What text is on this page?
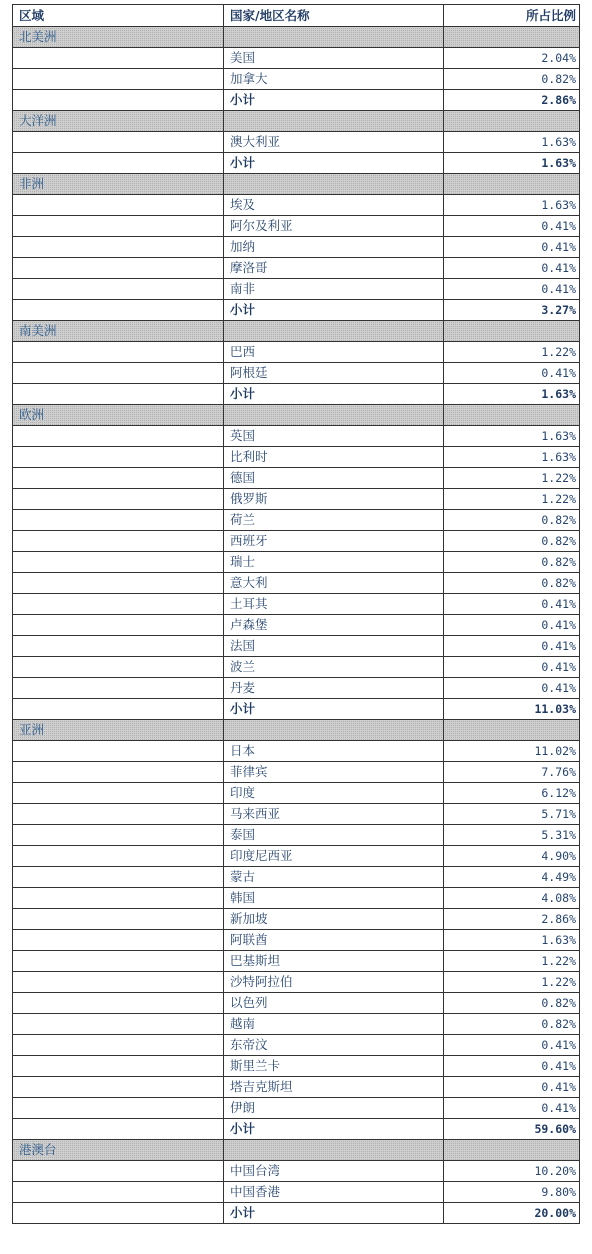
区域	国家/地区名称	所占比例
北美洲		
	美国	2.04%
	加拿大	0.82%
	小计	2.86%
大洋洲		
	澳大利亚	1.63%
	小计	1.63%
非洲		
	埃及	1.63%
	阿尔及利亚	0.41%
	加纳	0.41%
	摩洛哥	0.41%
	南非	0.41%
	小计	3.27%
南美洲		
	巴西	1.22%
	阿根廷	0.41%
	小计	1.63%
欧洲		
	英国	1.63%
	比利时	1.63%
	德国	1.22%
	俄罗斯	1.22%
	荷兰	0.82%
	西班牙	0.82%
	瑞士	0.82%
	意大利	0.82%
	土耳其	0.41%
	卢森堡	0.41%
	法国	0.41%
	波兰	0.41%
	丹麦	0.41%
	小计	11.03%
亚洲		
	日本	11.02%
	菲律宾	7.76%
	印度	6.12%
	马来西亚	5.71%
	泰国	5.31%
	印度尼西亚	4.90%
	蒙古	4.49%
	韩国	4.08%
	新加坡	2.86%
	阿联酋	1.63%
	巴基斯坦	1.22%
	沙特阿拉伯	1.22%
	以色列	0.82%
	越南	0.82%
	东帝汶	0.41%
	斯里兰卡	0.41%
	塔吉克斯坦	0.41%
	伊朗	0.41%
	小计	59.60%
港澳台		
	中国台湾	10.20%
	中国香港	9.80%
	小计	20.00%
